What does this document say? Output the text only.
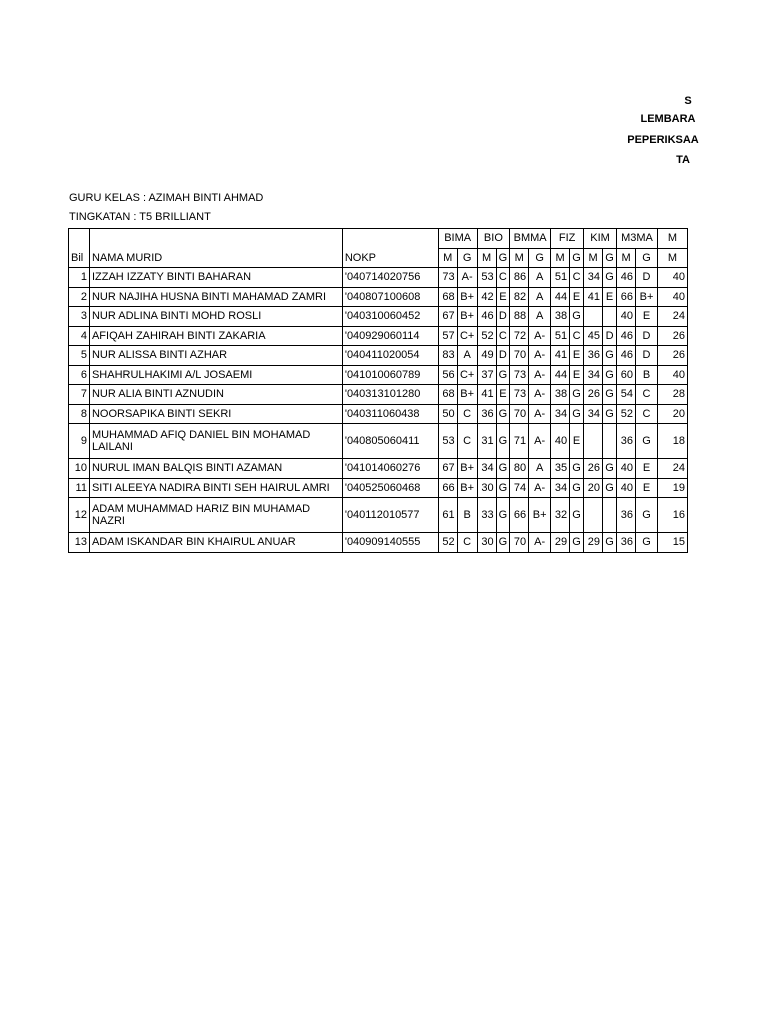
S
LEMBARA
PEPERIKSAA
TA
GURU KELAS : AZIMAH BINTI AHMAD
TINGKATAN : T5 BRILLIANT
			BIMA		BIO		BMMA		FIZ		KIM		M3MA		M
Bil	NAMA MURID	NOKP	M	G	M	G	M	G	M	G	M	G	M	G	M
1	IZZAH IZZATY BINTI BAHARAN	'040714020756	73	A-	53	C	86	A	51	C	34	G	46	D	40
2	NUR NAJIHA HUSNA BINTI MAHAMAD ZAMRI	'040807100608	68	B+	42	E	82	A	44	E	41	E	66	B+	40
3	NUR ADLINA BINTI MOHD ROSLI	'040310060452	67	B+	46	D	88	A	38	G			40	E	24
4	AFIQAH ZAHIRAH BINTI ZAKARIA	'040929060114	57	C+	52	C	72	A-	51	C	45	D	46	D	26
5	NUR ALISSA BINTI AZHAR	'040411020054	83	A	49	D	70	A-	41	E	36	G	46	D	26
6	SHAHRULHAKIMI A/L JOSAEMI	'041010060789	56	C+	37	G	73	A-	44	E	34	G	60	B	40
7	NUR ALIA BINTI AZNUDIN	'040313101280	68	B+	41	E	73	A-	38	G	26	G	54	C	28
8	NOORSAPIKA BINTI SEKRI	'040311060438	50	C	36	G	70	A-	34	G	34	G	52	C	20
9	MUHAMMAD AFIQ DANIEL BIN MOHAMAD LAILANI	'040805060411	53	C	31	G	71	A-	40	E			36	G	18
10	NURUL IMAN BALQIS BINTI AZAMAN	'041014060276	67	B+	34	G	80	A	35	G	26	G	40	E	24
11	SITI ALEEYA NADIRA BINTI SEH HAIRUL AMRI	'040525060468	66	B+	30	G	74	A-	34	G	20	G	40	E	19
12	ADAM MUHAMMAD HARIZ BIN MUHAMAD NAZRI	'040112010577	61	B	33	G	66	B+	32	G			36	G	16
13	ADAM ISKANDAR BIN KHAIRUL ANUAR	'040909140555	52	C	30	G	70	A-	29	G	29	G	36	G	15
